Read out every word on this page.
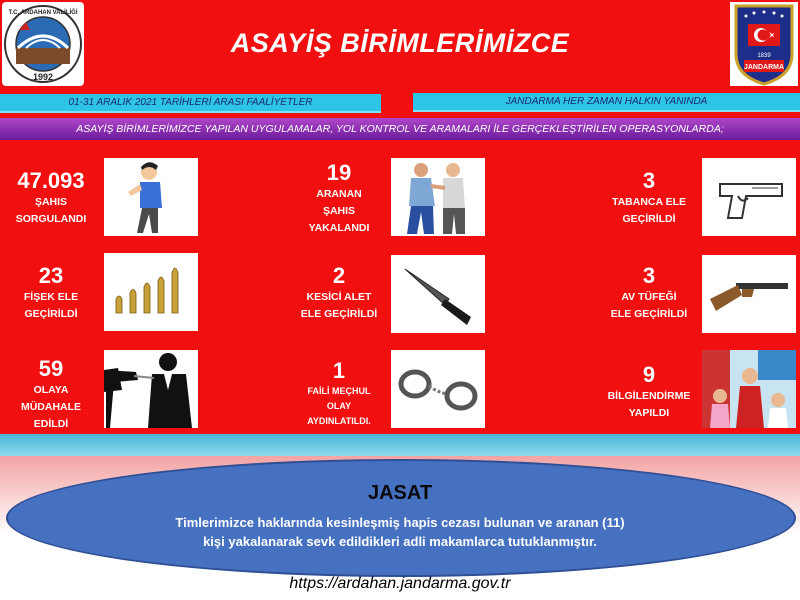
1992
T.C. ARDAHAN VALİLİĞİ
JANDARMA
1839
ASAYİŞ BİRİMLERİMİZCE
01-31 ARALIK 2021 TARİHLERİ ARASI FAALİYETLER	JANDARMA HER ZAMAN HALKIN YANINDA
ASAYİŞ BİRİMLERİMİZCE YAPILAN UYGULAMALAR, YOL KONTROL VE ARAMALARI İLE GERÇEKLEŞTİRİLEN OPERASYONLARDA;
47.093
ŞAHIS
SORGULANDI
19
ARANAN
ŞAHIS
YAKALANDI
3
TABANCA ELE
GEÇİRİLDİ
23
FİŞEK ELE
GEÇİRİLDİ
2
KESİCİ ALET
ELE GEÇİRİLDİ
3
AV TÜFEĞİ
ELE GEÇİRİLDİ
59
OLAYA
MÜDAHALE
EDİLDİ
1
FAİLİ MEÇHUL
OLAY
AYDINLATILDI.
9
BİLGİLENDİRME
YAPILDI
JASAT
Timlerimizce haklarında kesinleşmiş hapis cezası bulunan ve aranan (11)
kişi yakalanarak sevk edildikleri adli makamlarca tutuklanmıştır.
https://ardahan.jandarma.gov.tr
